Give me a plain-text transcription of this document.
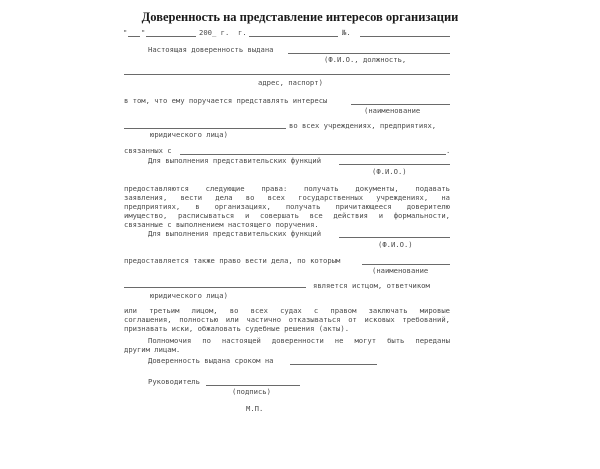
Доверенность на представление интересов организации
" "	200_ г. г.	№.
Настоящая доверенность выдана
(Ф.И.О., должность,
адрес, паспорт)
в том, что ему поручается представлять интересы
(наименование
во всех учреждениях, предприятиях,
юридического лица)
связанных с	.
Для выполнения представительских функций
(Ф.И.О.)
предоставляются следующие права: получать документы, подавать
заявления, вести дела во всех государственных учреждениях, на
предприятиях, в организациях, получать причитающееся доверителю
имущество, расписываться и совершать все действия и формальности,
связанные с выполнением настоящего поручения.
Для выполнения представительских функций
(Ф.И.О.)
предоставляется также право вести дела, по которым
(наименование
является истцом, ответчиком
юридического лица)
или третьим лицом, во всех судах с правом заключать мировые
соглашения, полностью или частично отказываться от исковых требований,
признавать иски, обжаловать судебные решения (акты).
Полномочия по настоящей доверенности не могут быть переданы
другим лицам.
Доверенность выдана сроком на
Руководитель
(подпись)
М.П.
